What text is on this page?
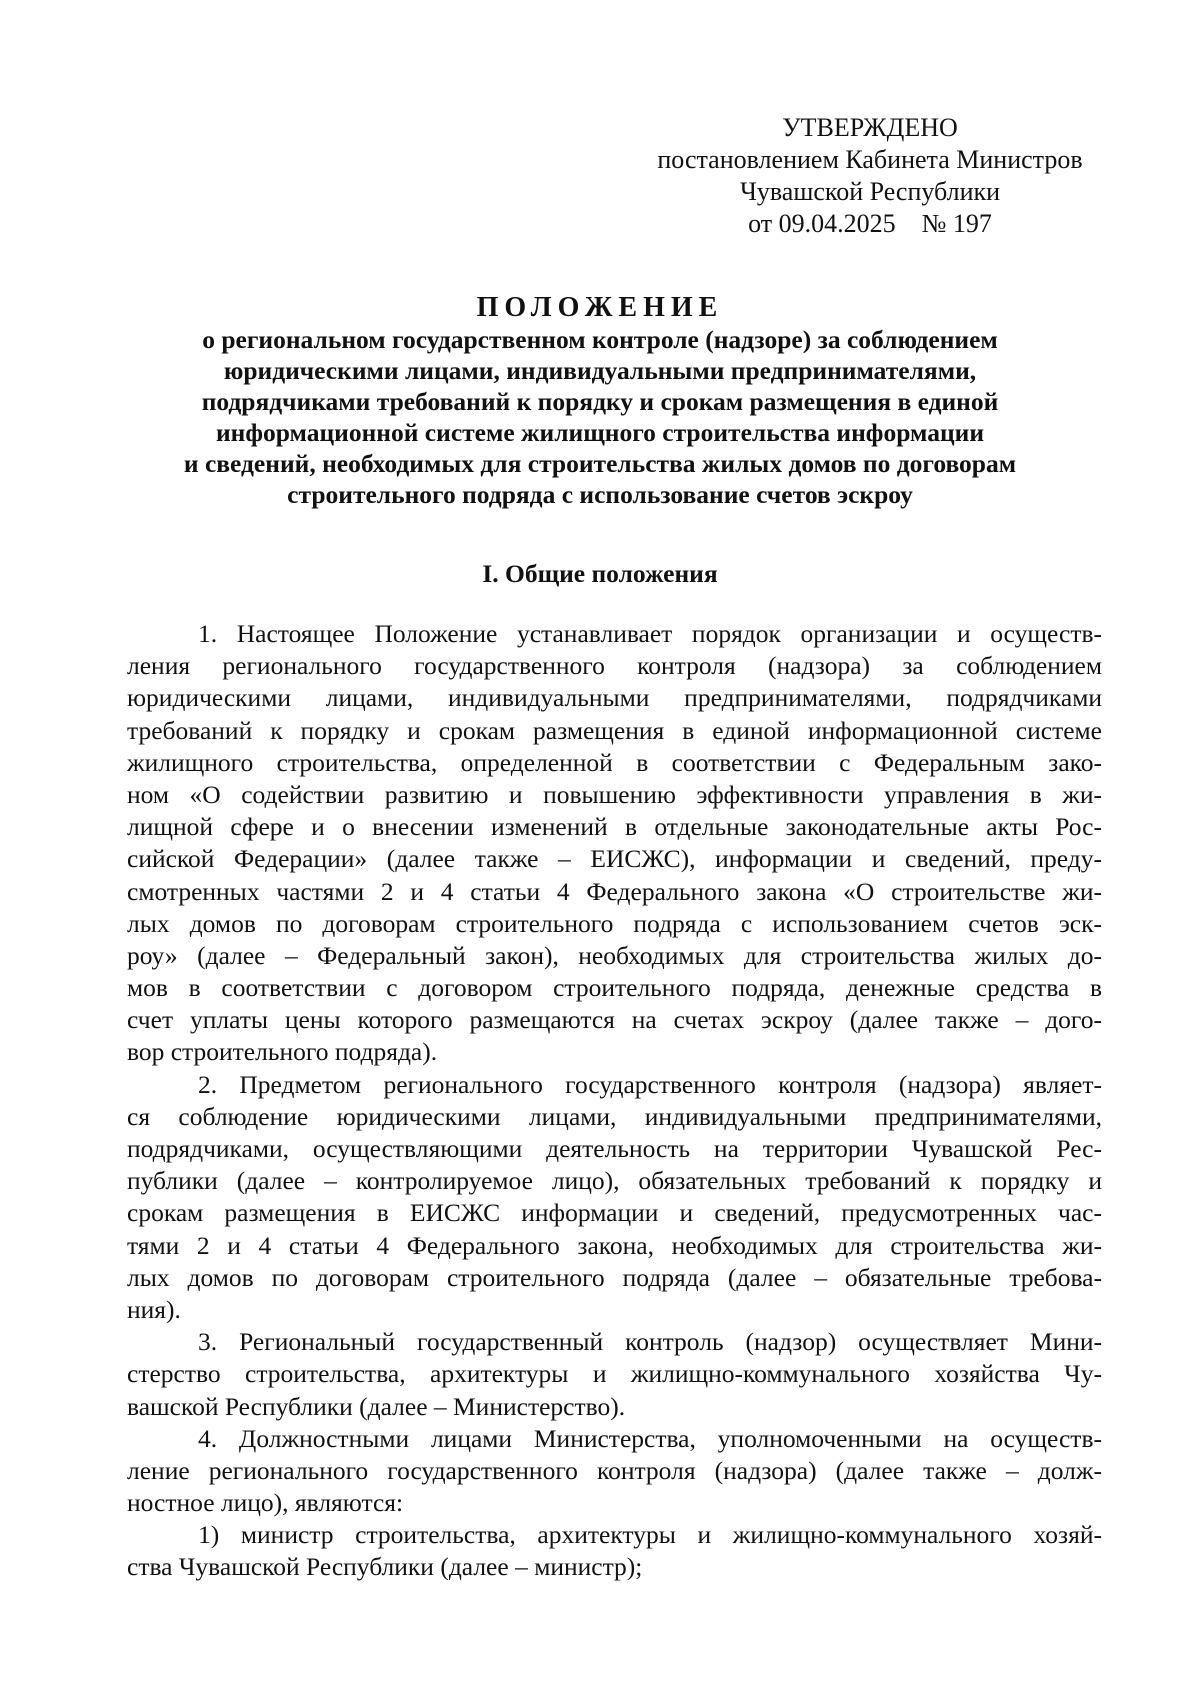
УТВЕРЖДЕНО
постановлением Кабинета Министров
Чувашской Республики
от 09.04.2025    № 197
ПОЛОЖЕНИЕ
о региональном государственном контроле (надзоре) за соблюдением
юридическими лицами, индивидуальными предпринимателями,
подрядчиками требований к порядку и срокам размещения в единой
информационной системе жилищного строительства информации
и сведений, необходимых для строительства жилых домов по договорам
строительного подряда с использование счетов эскроу
I. Общие положения
1. Настоящее Положение устанавливает порядок организации и осуществ-
ления регионального государственного контроля (надзора) за соблюдением
юридическими лицами, индивидуальными предпринимателями, подрядчиками
требований к порядку и срокам размещения в единой информационной системе
жилищного строительства, определенной в соответствии с Федеральным зако-
ном «О содействии развитию и повышению эффективности управления в жи-
лищной сфере и о внесении изменений в отдельные законодательные акты Рос-
сийской Федерации» (далее также – ЕИСЖС), информации и сведений, преду-
смотренных частями 2 и 4 статьи 4 Федерального закона «О строительстве жи-
лых домов по договорам строительного подряда с использованием счетов эск-
роу» (далее – Федеральный закон), необходимых для строительства жилых до-
мов в соответствии с договором строительного подряда, денежные средства в
счет уплаты цены которого размещаются на счетах эскроу (далее также – дого-
вор строительного подряда).
2. Предметом регионального государственного контроля (надзора) являет-
ся соблюдение юридическими лицами, индивидуальными предпринимателями,
подрядчиками, осуществляющими деятельность на территории Чувашской Рес-
публики (далее – контролируемое лицо), обязательных требований к порядку и
срокам размещения в ЕИСЖС информации и сведений, предусмотренных час-
тями 2 и 4 статьи 4 Федерального закона, необходимых для строительства жи-
лых домов по договорам строительного подряда (далее – обязательные требова-
ния).
3. Региональный государственный контроль (надзор) осуществляет Мини-
стерство строительства, архитектуры и жилищно-коммунального хозяйства Чу-
вашской Республики (далее – Министерство).
4. Должностными лицами Министерства, уполномоченными на осуществ-
ление регионального государственного контроля (надзора) (далее также – долж-
ностное лицо), являются:
1) министр строительства, архитектуры и жилищно-коммунального хозяй-
ства Чувашской Республики (далее – министр);
